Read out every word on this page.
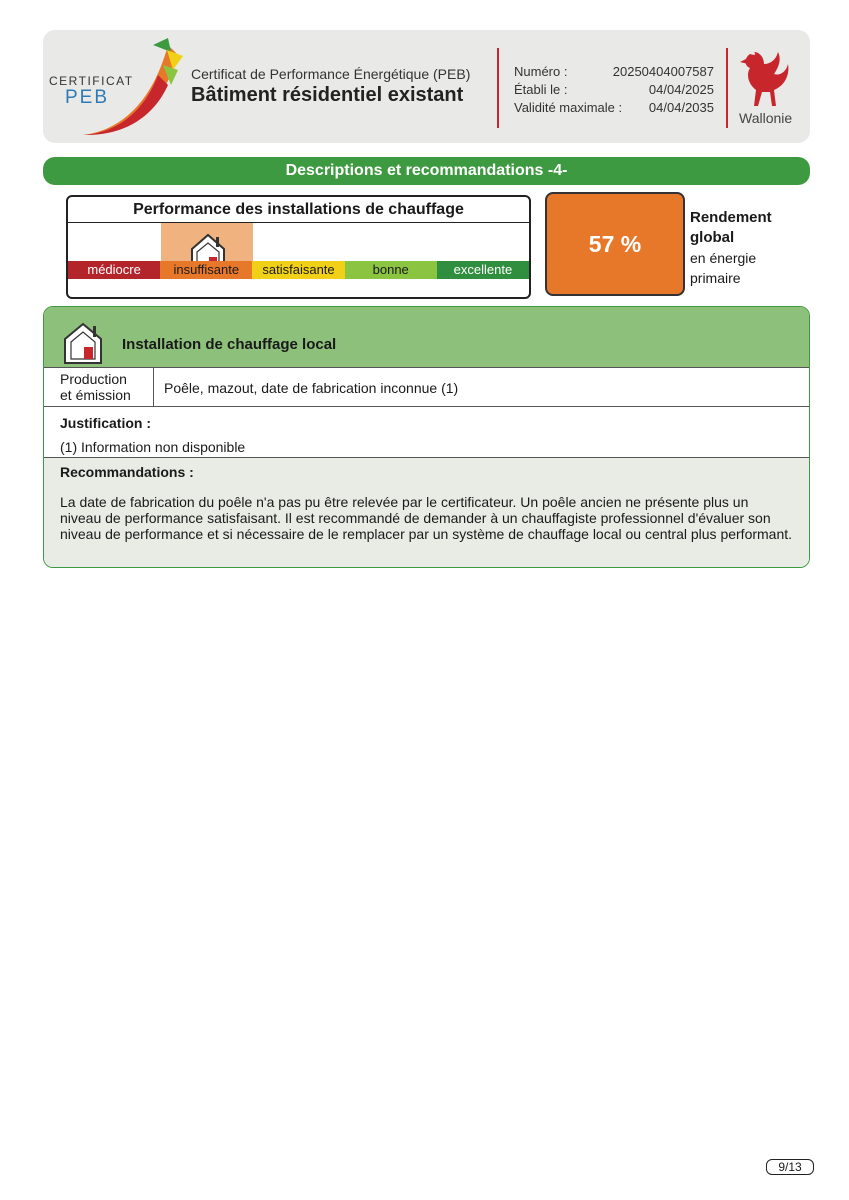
CERTIFICAT
PEB
Certificat de Performance Énergétique (PEB)
Bâtiment résidentiel existant
Numéro :	20250404007587
Établi le :	04/04/2025
Validité maximale : 04/04/2035
Wallonie
Descriptions et recommandations -4-
Performance des installations de chauffage
médiocre	insuffisante	satisfaisante	bonne	excellente
57 %
Rendement global
en énergie primaire
Installation de chauffage local
Production
et émission	Poêle, mazout, date de fabrication inconnue (1)
Justification :
(1) Information non disponible
Recommandations :
La date de fabrication du poêle n'a pas pu être relevée par le certificateur. Un poêle ancien ne présente plus un niveau de performance satisfaisant. Il est recommandé de demander à un chauffagiste professionnel d'évaluer son niveau de performance et si nécessaire de le remplacer par un système de chauffage local ou central plus performant.
9/13
